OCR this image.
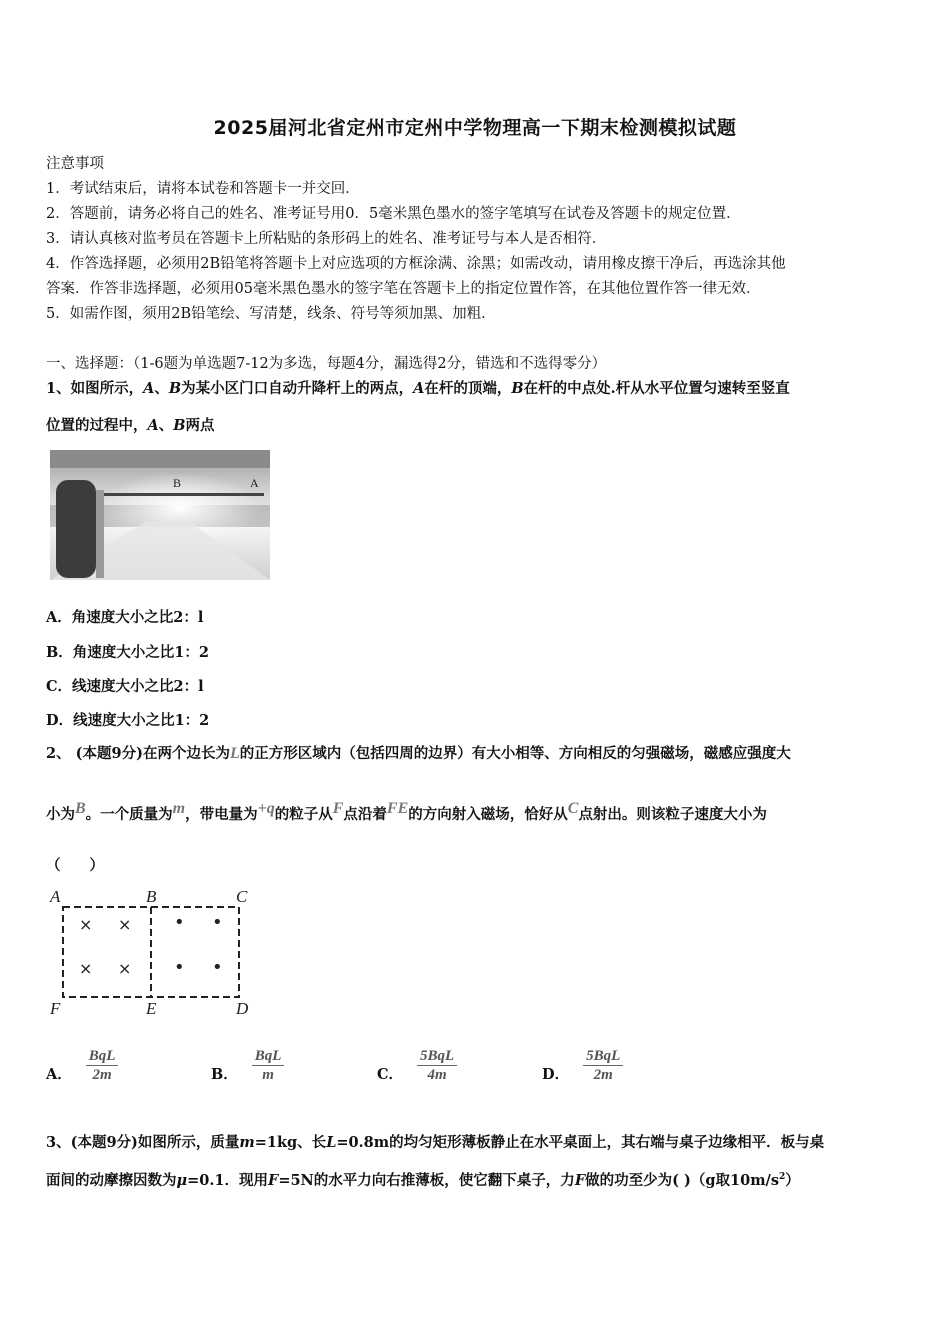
2025届河北省定州市定州中学物理高一下期末检测模拟试题
注意事项
1．考试结束后，请将本试卷和答题卡一并交回．
2．答题前，请务必将自己的姓名、准考证号用0．5毫米黑色墨水的签字笔填写在试卷及答题卡的规定位置．
3．请认真核对监考员在答题卡上所粘贴的条形码上的姓名、准考证号与本人是否相符．
4．作答选择题，必须用2B铅笔将答题卡上对应选项的方框涂满、涂黑；如需改动，请用橡皮擦干净后，再选涂其他
答案．作答非选择题，必须用05毫米黑色墨水的签字笔在答题卡上的指定位置作答，在其他位置作答一律无效．
5．如需作图，须用2B铅笔绘、写清楚，线条、符号等须加黑、加粗．
一、选择题：（1-6题为单选题7-12为多选，每题4分，漏选得2分，错选和不选得零分）
1、如图所示，A、B为某小区门口自动升降杆上的两点，A在杆的顶端，B在杆的中点处.杆从水平位置匀速转至竖直
位置的过程中，A、B两点
B	A
A．角速度大小之比2：l
B．角速度大小之比1：2
C．线速度大小之比2：l
D．线速度大小之比1：2
2、 (本题9分)在两个边长为L的正方形区域内（包括四周的边界）有大小相等、方向相反的匀强磁场，磁感应强度大
小为$^B$。一个质量为$^m$，带电量为$^{+q}$的粒子从$^F$点沿着$^{FE}$的方向射入磁场，恰好从$^C$点射出。则该粒子速度大小为
（　　）
A	B	C
F	E	D
× ×
× ×
• •
• •
A． $\frac{\text{BqL}}{2m}$	B． $\frac{\text{BqL}}{m}$	C． $\frac{\text{5BqL}}{4m}$	D． $\frac{\text{5BqL}}{2m}$
3、(本题9分)如图所示，质量m=1kg、长L=0.8m的均匀矩形薄板静止在水平桌面上，其右端与桌子边缘相平．板与桌
面间的动摩擦因数为μ=0.1．现用F=5N的水平力向右推薄板，使它翻下桌子，力F做的功至少为( )（g取$10m/s^2$）
